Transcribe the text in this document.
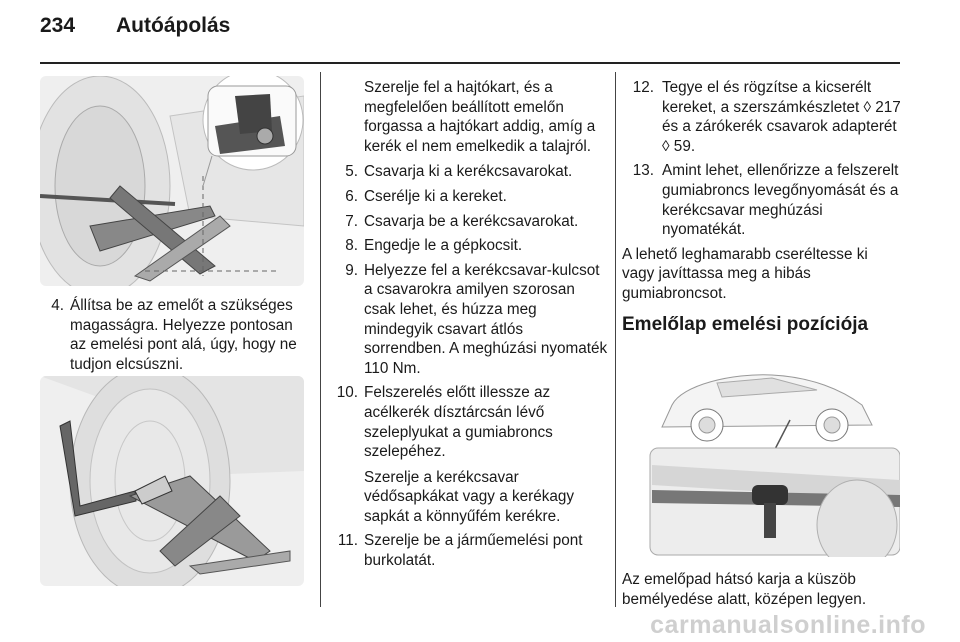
234 Autóápolás
4. Állítsa be az emelőt a szükséges magasságra. Helyezze pontosan az emelési pont alá, úgy, hogy ne tudjon elcsúszni.

Szerelje fel a hajtókart, és a megfelelően beállított emelőn forgassa a hajtókart addig, amíg a kerék el nem emelkedik a talajról.

5. Csavarja ki a kerékcsavarokat.
6. Cserélje ki a kereket.
7. Csavarja be a kerékcsavarokat.
8. Engedje le a gépkocsit.
9. Helyezze fel a kerékcsavar-kulcsot a csavarokra amilyen szorosan csak lehet, és húzza meg mindegyik csavart átlós sorrendben. A meghúzási nyomaték 110 Nm.
10. Felszerelés előtt illessze az acélkerék dísztárcsán lévő szeleplyukat a gumiabroncs szelepéhez.

Szerelje a kerékcsavar védősapkákat vagy a kerékagy sapkát a könnyűfém kerékre.

11. Szerelje be a járműemelési pont burkolatát.
12. Tegye el és rögzítse a kicserélt kereket, a szerszámkészletet ◊ 217 és a zárókerék csavarok adapterét ◊ 59.
13. Amint lehet, ellenőrizze a felszerelt gumiabroncs levegőnyomását és a kerékcsavar meghúzási nyomatékát.

A lehető leghamarabb cseréltesse ki vagy javíttassa meg a hibás gumiabroncsot.

Emelőlap emelési pozíciója

Az emelőpad hátsó karja a küszöb bemélyedése alatt, középen legyen.

carmanualsonline.info
